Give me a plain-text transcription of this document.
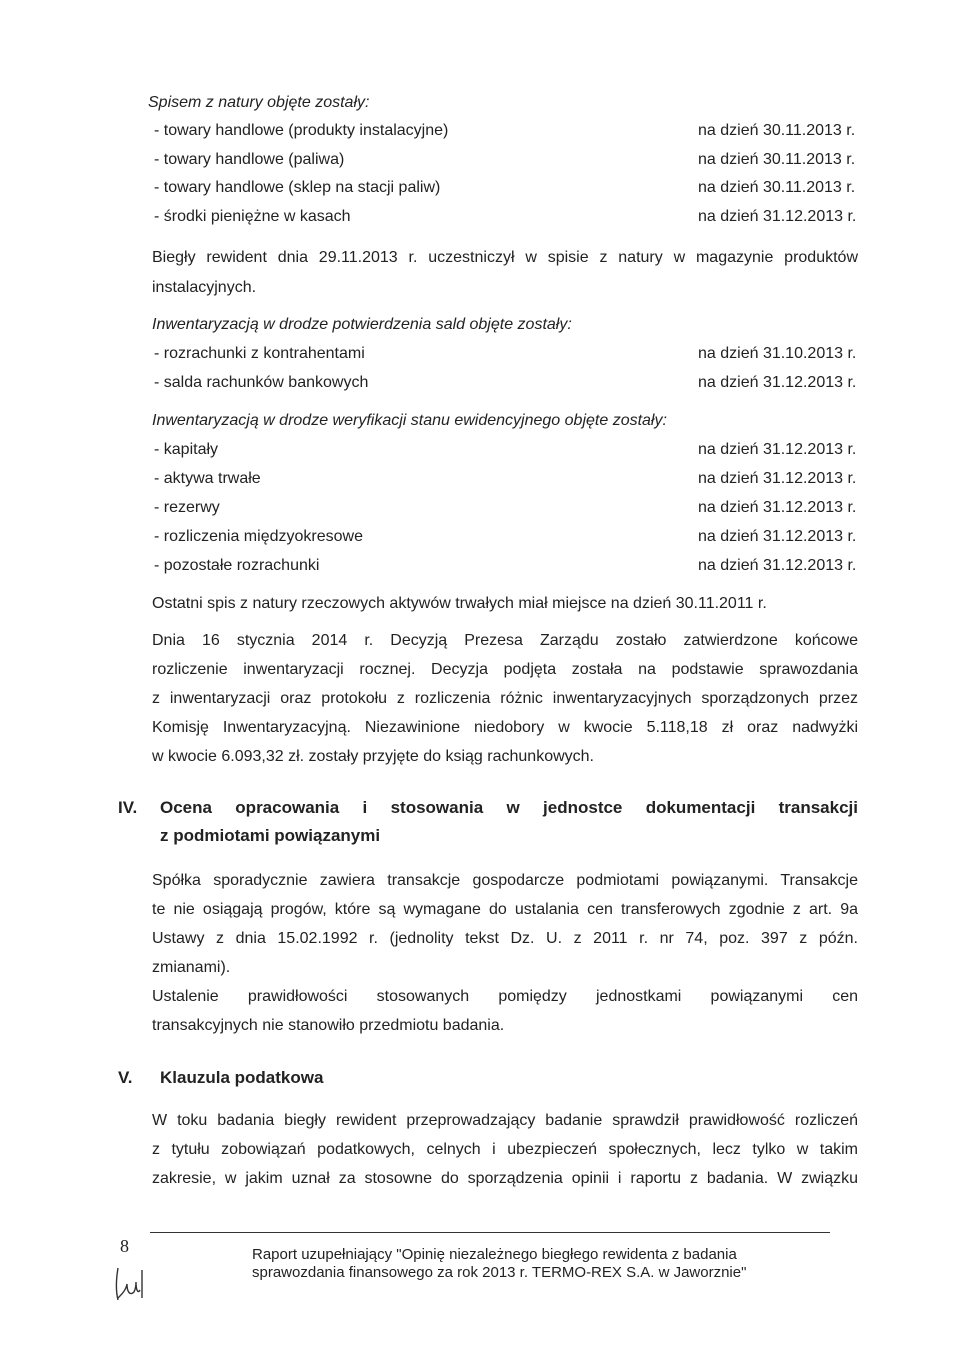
Spisem z natury objęte zostały:
- towary handlowe (produkty instalacyjne)	na dzień 30.11.2013 r.
- towary handlowe (paliwa)	na dzień 30.11.2013 r.
- towary handlowe (sklep na stacji paliw)	na dzień 30.11.2013 r.
- środki pieniężne w kasach	na dzień 31.12.2013 r.
Biegły rewident dnia 29.11.2013 r. uczestniczył w spisie z natury w magazynie produktów
instalacyjnych.
Inwentaryzacją w drodze potwierdzenia sald objęte zostały:
- rozrachunki z kontrahentami	na dzień 31.10.2013 r.
- salda rachunków bankowych	na dzień 31.12.2013 r.
Inwentaryzacją w drodze weryfikacji stanu ewidencyjnego objęte zostały:
- kapitały	na dzień 31.12.2013 r.
- aktywa trwałe	na dzień 31.12.2013 r.
- rezerwy	na dzień 31.12.2013 r.
- rozliczenia międzyokresowe	na dzień 31.12.2013 r.
- pozostałe rozrachunki	na dzień 31.12.2013 r.
Ostatni spis z natury rzeczowych aktywów trwałych miał miejsce na dzień 30.11.2011 r.
Dnia 16 stycznia 2014 r. Decyzją Prezesa Zarządu zostało zatwierdzone końcowe
rozliczenie inwentaryzacji rocznej. Decyzja podjęta została na podstawie sprawozdania
z inwentaryzacji oraz protokołu z rozliczenia różnic inwentaryzacyjnych sporządzonych przez
Komisję Inwentaryzacyjną. Niezawinione niedobory w kwocie 5.118,18 zł oraz nadwyżki
w kwocie 6.093,32 zł. zostały przyjęte do ksiąg rachunkowych.
IV. Ocena opracowania i stosowania w jednostce dokumentacji transakcji
z podmiotami powiązanymi
Spółka sporadycznie zawiera transakcje gospodarcze podmiotami powiązanymi. Transakcje
te nie osiągają progów, które są wymagane do ustalania cen transferowych zgodnie z art. 9a
Ustawy z dnia 15.02.1992 r. (jednolity tekst Dz. U. z 2011 r. nr 74, poz. 397 z późn.
zmianami).
Ustalenie prawidłowości stosowanych pomiędzy jednostkami powiązanymi cen
transakcyjnych nie stanowiło przedmiotu badania.
V. Klauzula podatkowa
W toku badania biegły rewident przeprowadzający badanie sprawdził prawidłowość rozliczeń
z tytułu zobowiązań podatkowych, celnych i ubezpieczeń społecznych, lecz tylko w takim
zakresie, w jakim uznał za stosowne do sporządzenia opinii i raportu z badania. W związku
8	Raport uzupełniający "Opinię niezależnego biegłego rewidenta z badania
sprawozdania finansowego za rok 2013 r. TERMO-REX S.A. w Jaworznie"
